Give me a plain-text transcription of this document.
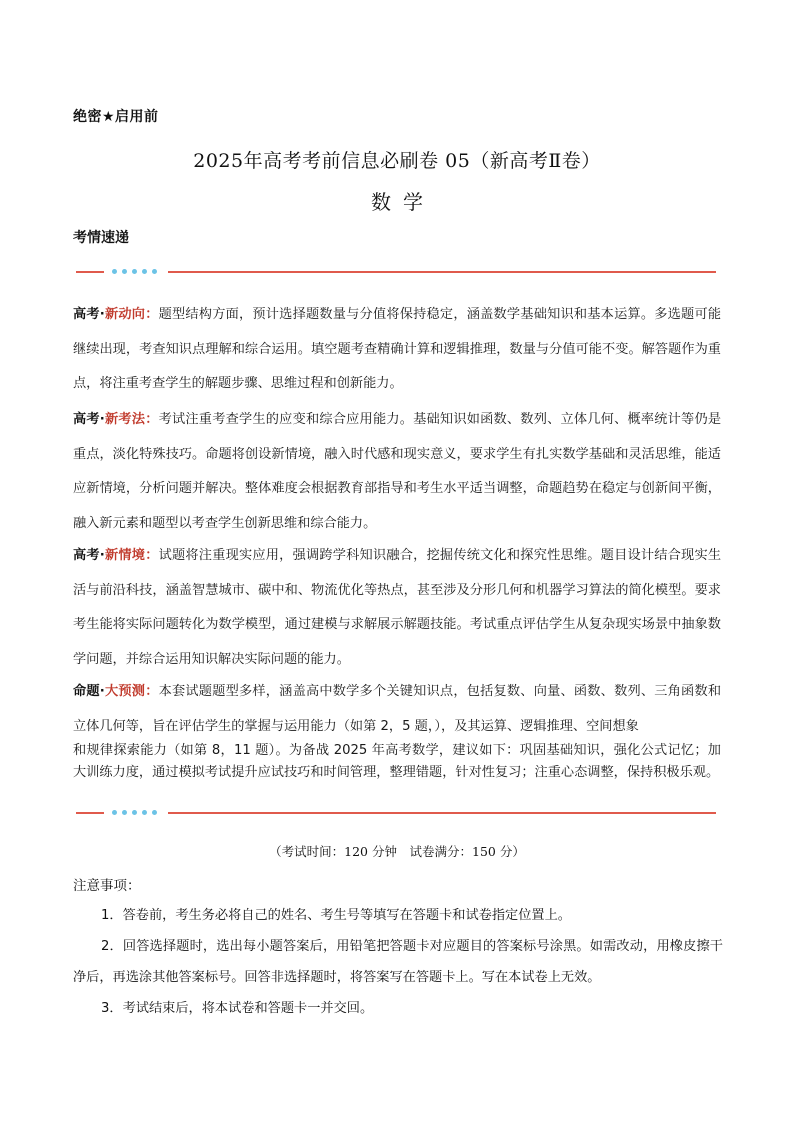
绝密★启用前
2025年高考考前信息必刷卷 05（新高考Ⅱ卷）
数学
考情速递
高考·新动向：题型结构方面，预计选择题数量与分值将保持稳定，涵盖数学基础知识和基本运算。多选题可能继续出现，考查知识点理解和综合运用。填空题考查精确计算和逻辑推理，数量与分值可能不变。解答题作为重点，将注重考查学生的解题步骤、思维过程和创新能力。
高考·新考法：考试注重考查学生的应变和综合应用能力。基础知识如函数、数列、立体几何、概率统计等仍是重点，淡化特殊技巧。命题将创设新情境，融入时代感和现实意义，要求学生有扎实数学基础和灵活思维，能适应新情境，分析问题并解决。整体难度会根据教育部指导和考生水平适当调整，命题趋势在稳定与创新间平衡，融入新元素和题型以考查学生创新思维和综合能力。
高考·新情境：试题将注重现实应用，强调跨学科知识融合，挖掘传统文化和探究性思维。题目设计结合现实生活与前沿科技，涵盖智慧城市、碳中和、物流优化等热点，甚至涉及分形几何和机器学习算法的简化模型。要求考生能将实际问题转化为数学模型，通过建模与求解展示解题技能。考试重点评估学生从复杂现实场景中抽象数学问题，并综合运用知识解决实际问题的能力。
命题·大预测：本套试题题型多样，涵盖高中数学多个关键知识点，包括复数、向量、函数、数列、三角函数和立体几何等，旨在评估学生的掌握与运用能力（如第 2，5 题，），及其运算、逻辑推理、空间想象
和规律探索能力（如第 8，11 题）。为备战 2025 年高考数学，建议如下：巩固基础知识，强化公式记忆；加大训练力度，通过模拟考试提升应试技巧和时间管理，整理错题，针对性复习；注重心态调整，保持积极乐观。
（考试时间：120 分钟　试卷满分：150 分）
注意事项：
1．答卷前，考生务必将自己的姓名、考生号等填写在答题卡和试卷指定位置上。
2．回答选择题时，选出每小题答案后，用铅笔把答题卡对应题目的答案标号涂黑。如需改动，用橡皮擦干净后，再选涂其他答案标号。回答非选择题时，将答案写在答题卡上。写在本试卷上无效。
3．考试结束后，将本试卷和答题卡一并交回。
